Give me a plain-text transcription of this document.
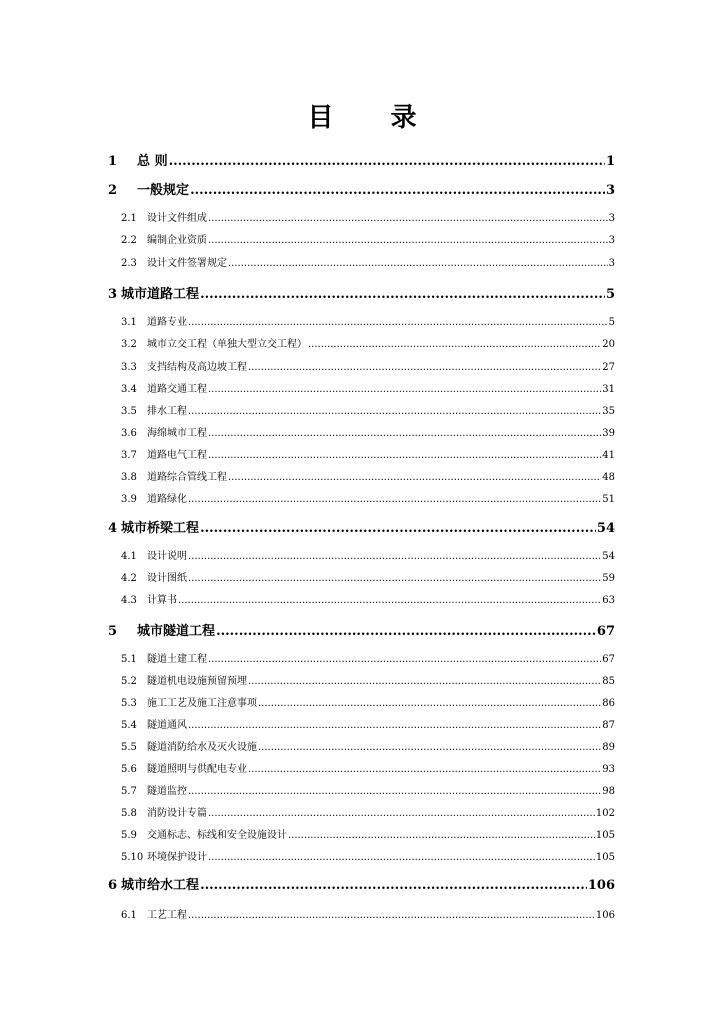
目 录
1 总 则 .....	1
2 一般规定 .....	3
2.1 设计文件组成 .....	3
2.2 编制企业资质 .....	3
2.3 设计文件签署规定 .....	3
3 城市道路工程 .....	5
3.1 道路专业 .....	5
3.2 城市立交工程（单独大型立交工程） .....	20
3.3 支挡结构及高边坡工程 .....	27
3.4 道路交通工程 .....	31
3.5 排水工程 .....	35
3.6 海绵城市工程 .....	39
3.7 道路电气工程 .....	41
3.8 道路综合管线工程 .....	48
3.9 道路绿化 .....	51
4 城市桥梁工程 .....	54
4.1 设计说明 .....	54
4.2 设计图纸 .....	59
4.3 计算书 .....	63
5 城市隧道工程 .....	67
5.1 隧道土建工程 .....	67
5.2 隧道机电设施预留预埋 .....	85
5.3 施工工艺及施工注意事项 .....	86
5.4 隧道通风 .....	87
5.5 隧道消防给水及灭火设施 .....	89
5.6 隧道照明与供配电专业 .....	93
5.7 隧道监控 .....	98
5.8 消防设计专篇 .....	102
5.9 交通标志、标线和安全设施设计 .....	105
5.10 环境保护设计 .....	105
6 城市给水工程 .....	106
6.1 工艺工程 .....	106
